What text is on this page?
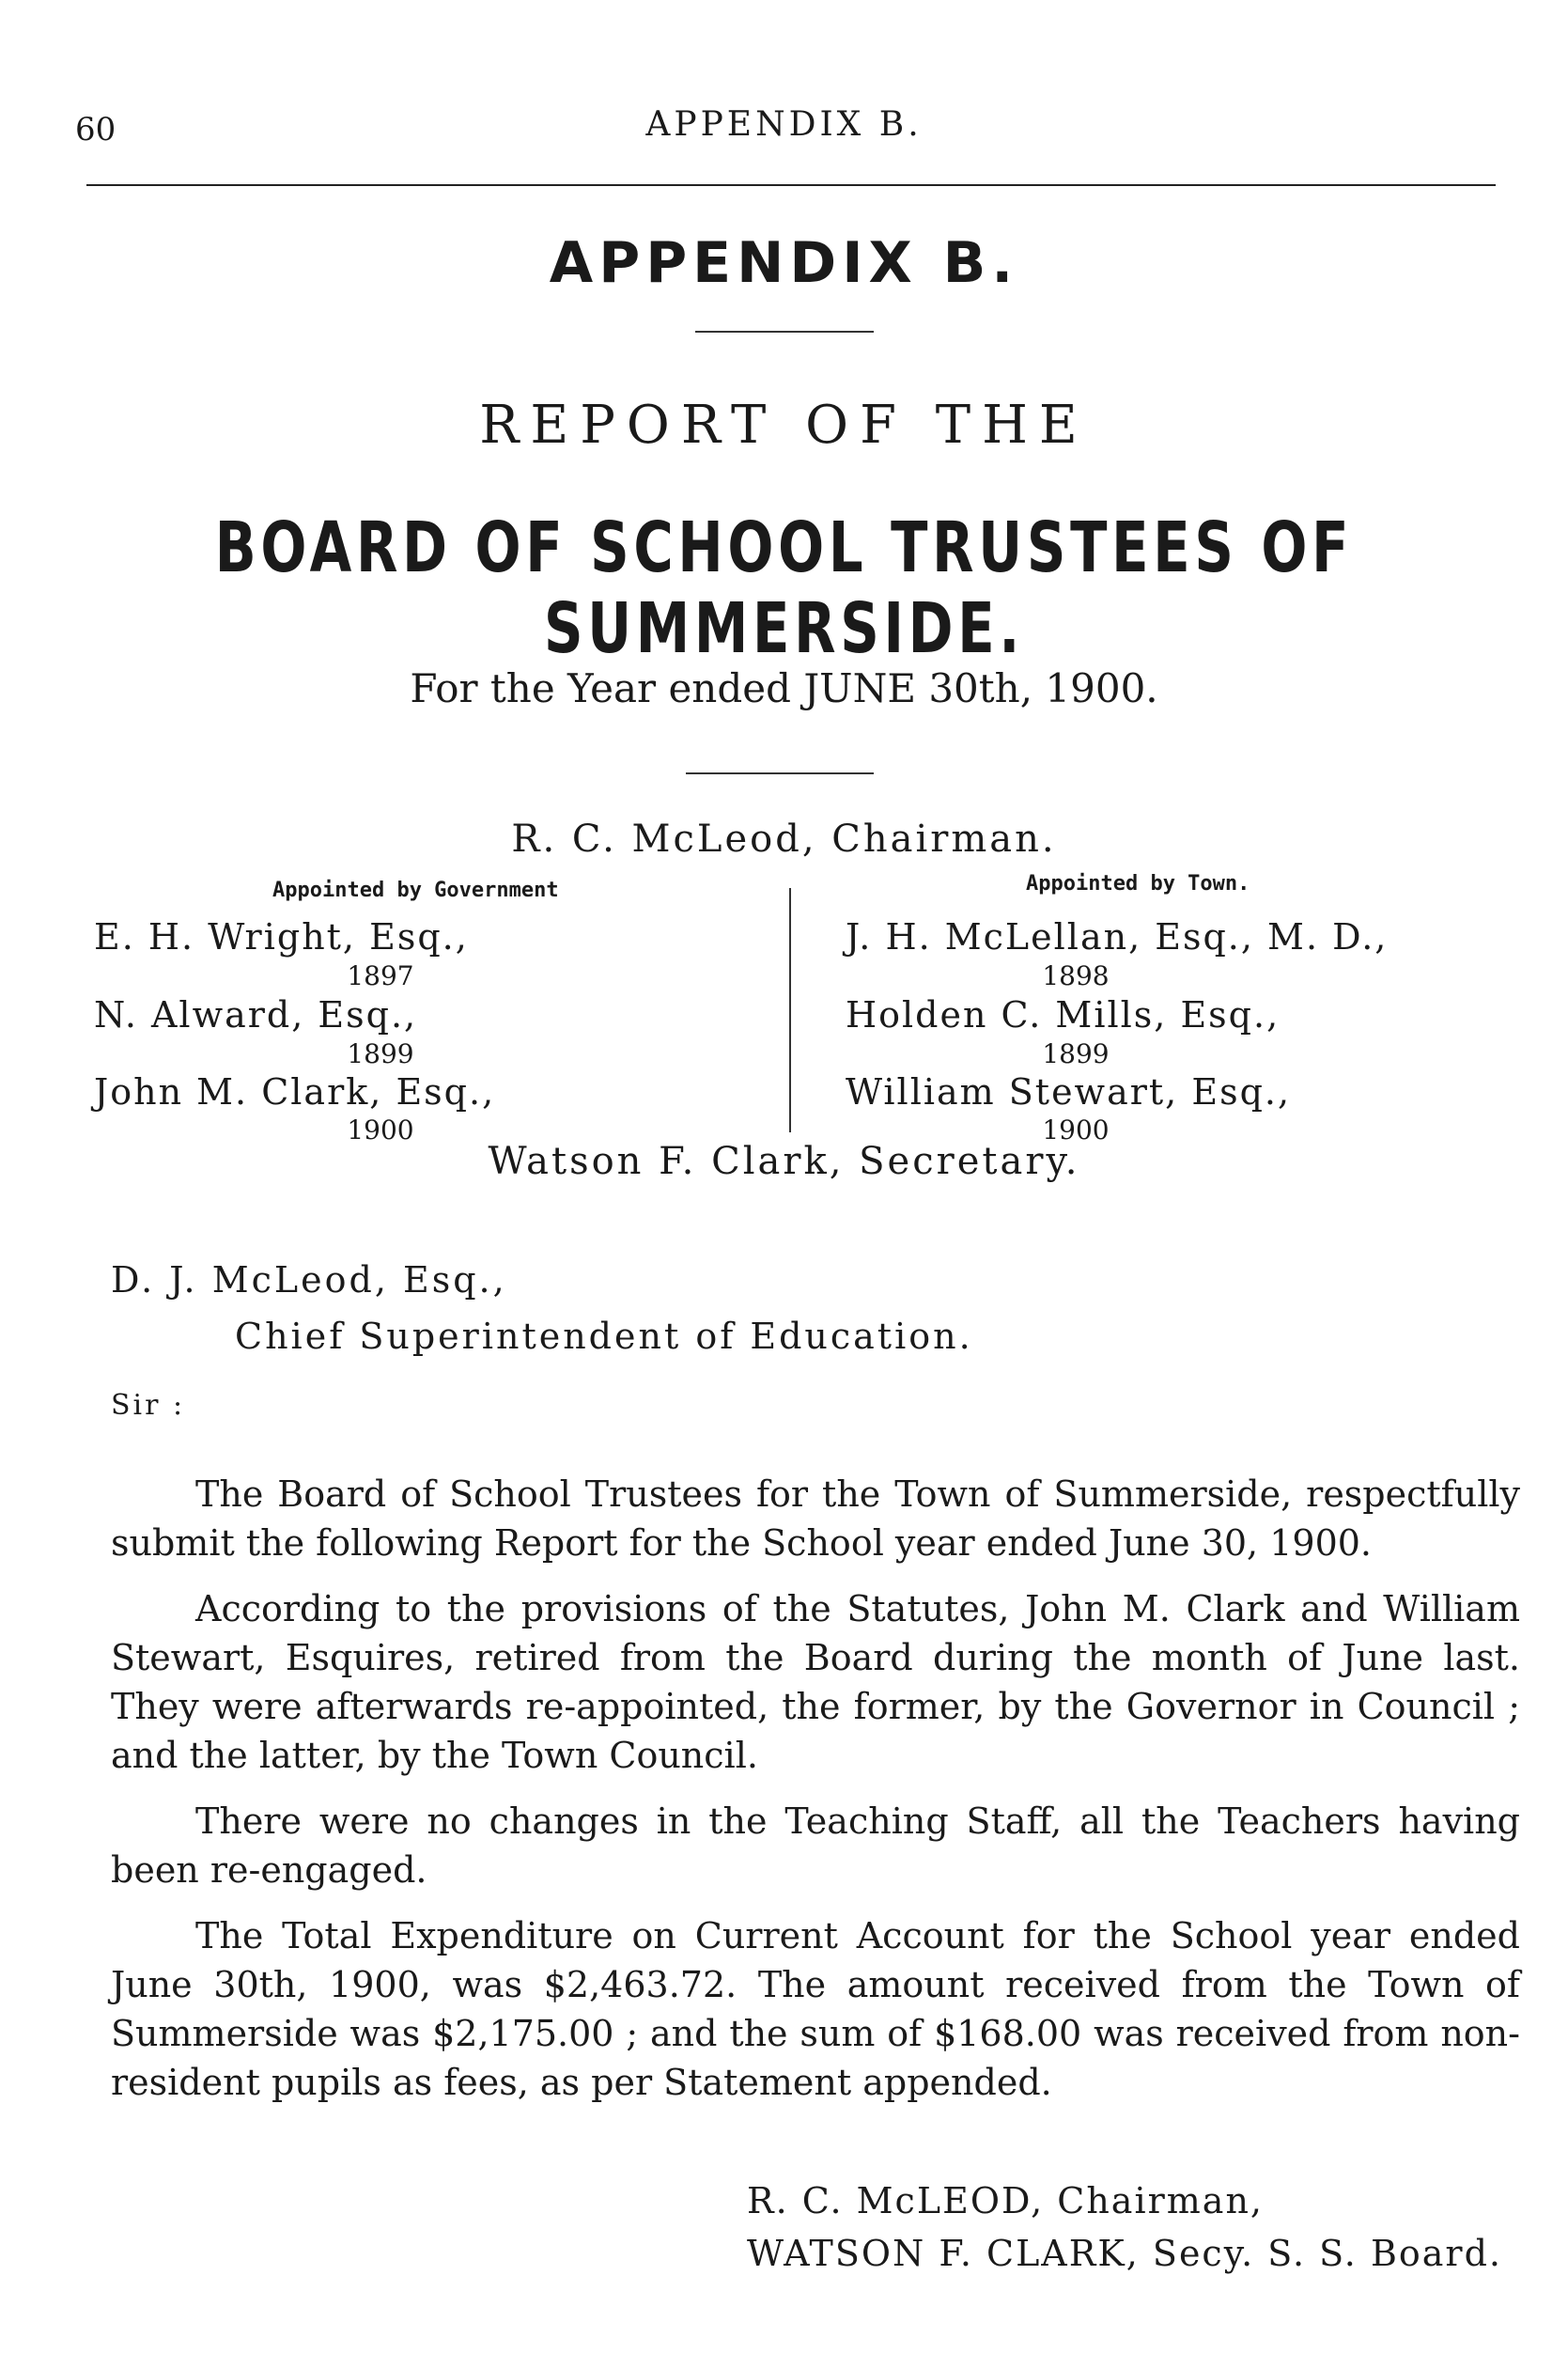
60	APPENDIX B.
APPENDIX B.
REPORT OF THE
BOARD OF SCHOOL TRUSTEES OF SUMMERSIDE.
For the Year ended JUNE 30th, 1900.
R. C. McLeod, Chairman.
Appointed by Government	Appointed by Town.
E. H. Wright, Esq.,
1897
N. Alward, Esq.,
1899
John M. Clark, Esq.,
1900
J. H. McLellan, Esq., M. D.,
1898
Holden C. Mills, Esq.,
1899
William Stewart, Esq.,
1900
Watson F. Clark, Secretary.
D. J. McLeod, Esq.,
Chief Superintendent of Education.
Sir :

The Board of School Trustees for the Town of Summerside, respectfully submit the following Report for the School year ended June 30, 1900.

According to the provisions of the Statutes, John M. Clark and William Stewart, Esquires, retired from the Board during the month of June last. They were afterwards re-appointed, the former, by the Governor in Council ; and the latter, by the Town Council.

There were no changes in the Teaching Staff, all the Teachers having been re-engaged.

The Total Expenditure on Current Account for the School year ended June 30th, 1900, was $2,463.72. The amount received from the Town of Summerside was $2,175.00 ; and the sum of $168.00 was received from non-resident pupils as fees, as per Statement appended.

R. C. McLEOD, Chairman,
WATSON F. CLARK, Secy. S. S. Board.
